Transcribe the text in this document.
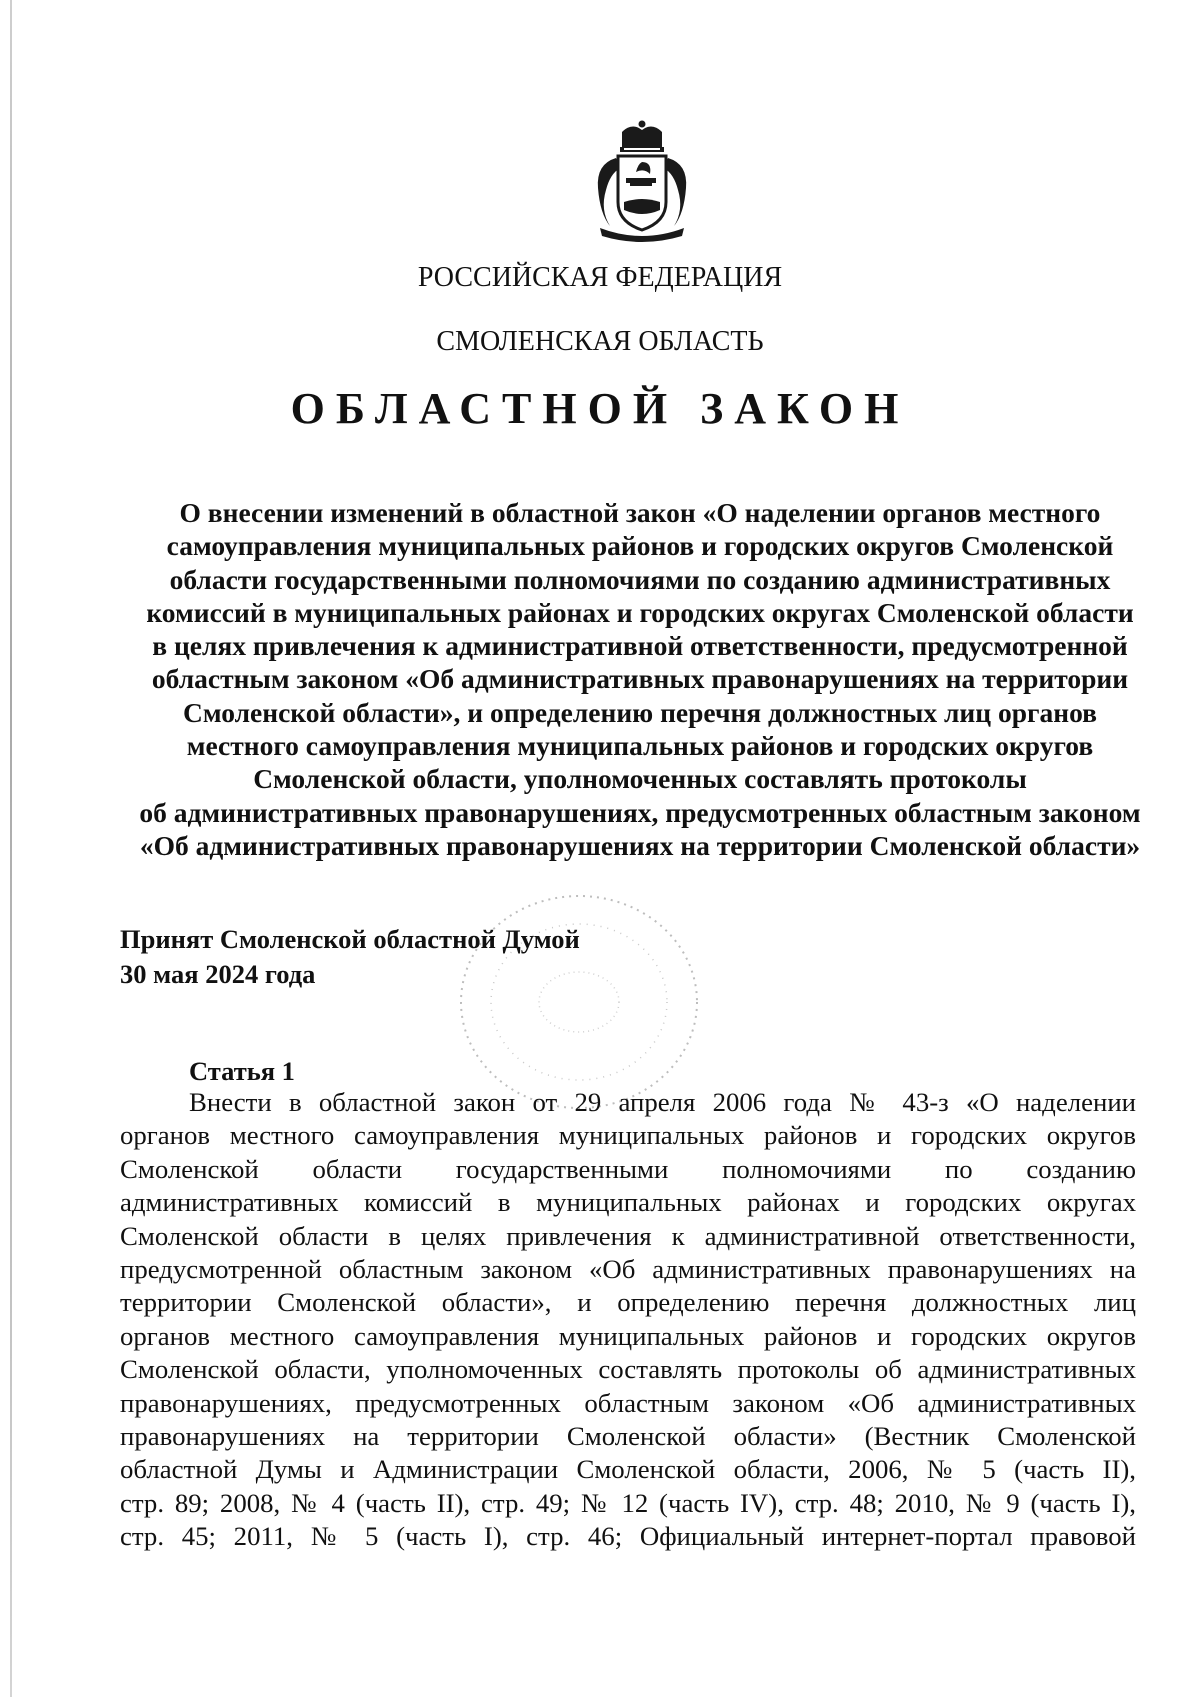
РОССИЙСКАЯ ФЕДЕРАЦИЯ
СМОЛЕНСКАЯ ОБЛАСТЬ
ОБЛАСТНОЙ ЗАКОН
О внесении изменений в областной закон «О наделении органов местного
самоуправления муниципальных районов и городских округов Смоленской
области государственными полномочиями по созданию административных
комиссий в муниципальных районах и городских округах Смоленской области
в целях привлечения к административной ответственности, предусмотренной
областным законом «Об административных правонарушениях на территории
Смоленской области», и определению перечня должностных лиц органов
местного самоуправления муниципальных районов и городских округов
Смоленской области, уполномоченных составлять протоколы
об административных правонарушениях, предусмотренных областным законом
«Об административных правонарушениях на территории Смоленской области»
Принят Смоленской областной Думой
30 мая 2024 года
Статья 1
Внести в областной закон от 29 апреля 2006 года № 43-з «О наделении
органов местного самоуправления муниципальных районов и городских округов
Смоленской области государственными полномочиями по созданию
административных комиссий в муниципальных районах и городских округах
Смоленской области в целях привлечения к административной ответственности,
предусмотренной областным законом «Об административных правонарушениях на
территории Смоленской области», и определению перечня должностных лиц
органов местного самоуправления муниципальных районов и городских округов
Смоленской области, уполномоченных составлять протоколы об административных
правонарушениях, предусмотренных областным законом «Об административных
правонарушениях на территории Смоленской области» (Вестник Смоленской
областной Думы и Администрации Смоленской области, 2006, № 5 (часть II),
стр. 89; 2008, № 4 (часть II), стр. 49; № 12 (часть IV), стр. 48; 2010, № 9 (часть I),
стр. 45; 2011, № 5 (часть I), стр. 46; Официальный интернет-портал правовой
